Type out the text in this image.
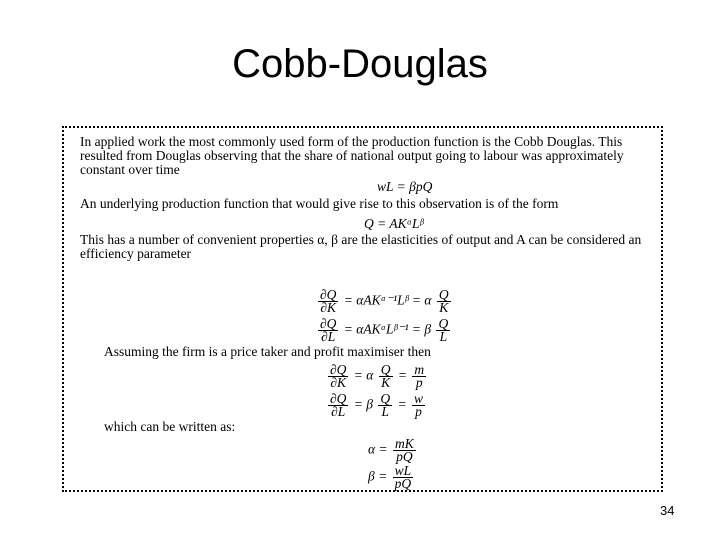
Cobb-Douglas

In applied work the most commonly used form of the production function is the Cobb Douglas. This resulted from Douglas observing that the share of national output going to labour was approximately constant over time

wL = βpQ

An underlying production function that would give rise to this observation is of the form

Q = AKᵅLᵝ

This has a number of convenient properties α, β are the elasticities of output and A can be considered an efficiency parameter

$\frac{\partial Q}{\partial K}$ = αAKᵅ⁻¹Lᵝ = α $\frac{Q}{K}$
$\frac{\partial Q}{\partial L}$ = αAKᵅLᵝ⁻¹ = β $\frac{Q}{L}$

Assuming the firm is a price taker and profit maximiser then

$\frac{\partial Q}{\partial K} = \alpha \frac{Q}{K} = \frac{m}{p}$
$\frac{\partial Q}{\partial L} = \beta \frac{Q}{L} = \frac{w}{p}$

which can be written as:

$\alpha = \frac{mK}{pQ}$
$\beta = \frac{wL}{pQ}$
34
